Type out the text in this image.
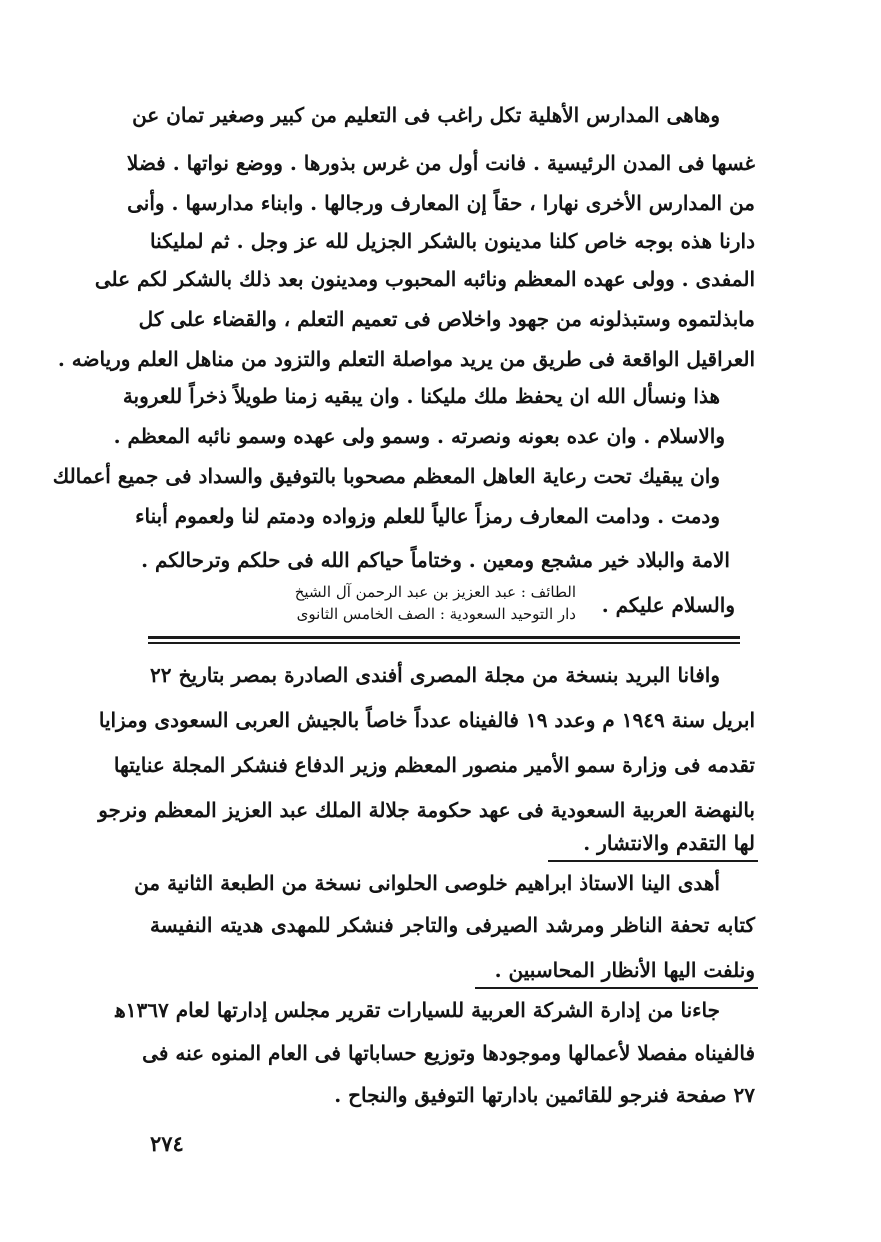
وهاهى المدارس الأهلية تكل راغب فى التعليم من كبير وصغير تمان عن
غسها فى المدن الرئيسية . فانت أول من غرس بذورها . ووضع نواتها . فضلا
من المدارس الأخرى نهارا ، حقاً إن المعارف ورجالها . وابناء مدارسها . وأنى
دارنا هذه بوجه خاص كلنا مدينون بالشكر الجزيل لله عز وجل . ثم لمليكنا
المفدى . وولى عهده المعظم ونائبه المحبوب ومدينون بعد ذلك بالشكر لكم على
مابذلتموه وستبذلونه من جهود واخلاص فى تعميم التعلم ، والقضاء على كل
العراقيل الواقعة فى طريق من يريد مواصلة التعلم والتزود من مناهل العلم ورياضه .
هذا ونسأل الله ان يحفظ ملك مليكنا . وان يبقيه زمنا طويلاً ذخراً للعروبة
والاسلام . وان عده بعونه ونصرته . وسمو ولى عهده وسمو نائبه المعظم .
وان يبقيك تحت رعاية العاهل المعظم مصحوبا بالتوفيق والسداد فى جميع أعمالك
ودمت . ودامت المعارف رمزاً عالياً للعلم وزواده ودمتم لنا ولعموم أبناء
الامة والبلاد خير مشجع ومعين . وختاماً حياكم الله فى حلكم وترحالكم .
والسلام عليكم .
الطائف : عبد العزيز بن عبد الرحمن آل الشيخ
دار التوحيد السعودية : الصف الخامس الثانوى
وافانا البريد بنسخة من مجلة المصرى أفندى الصادرة بمصر بتاريخ ٢٢
ابريل سنة ١٩٤٩ م وعدد ١٩ فالفيناه عدداً خاصاً بالجيش العربى السعودى ومزايا
تقدمه فى وزارة سمو الأمير منصور المعظم وزير الدفاع فنشكر المجلة عنايتها
بالنهضة العربية السعودية فى عهد حكومة جلالة الملك عبد العزيز المعظم ونرجو
لها التقدم والانتشار .
أهدى الينا الاستاذ ابراهيم خلوصى الحلوانى نسخة من الطبعة الثانية من
كتابه تحفة الناظر ومرشد الصيرفى والتاجر فنشكر للمهدى هديته النفيسة
ونلفت اليها الأنظار المحاسبين .
جاءنا من إدارة الشركة العربية للسيارات تقرير مجلس إدارتها لعام ١٣٦٧ﻫ
فالفيناه مفصلا لأعمالها وموجودها وتوزيع حساباتها فى العام المنوه عنه فى
٢٧ صفحة فنرجو للقائمين بادارتها التوفيق والنجاح .
٢٧٤
